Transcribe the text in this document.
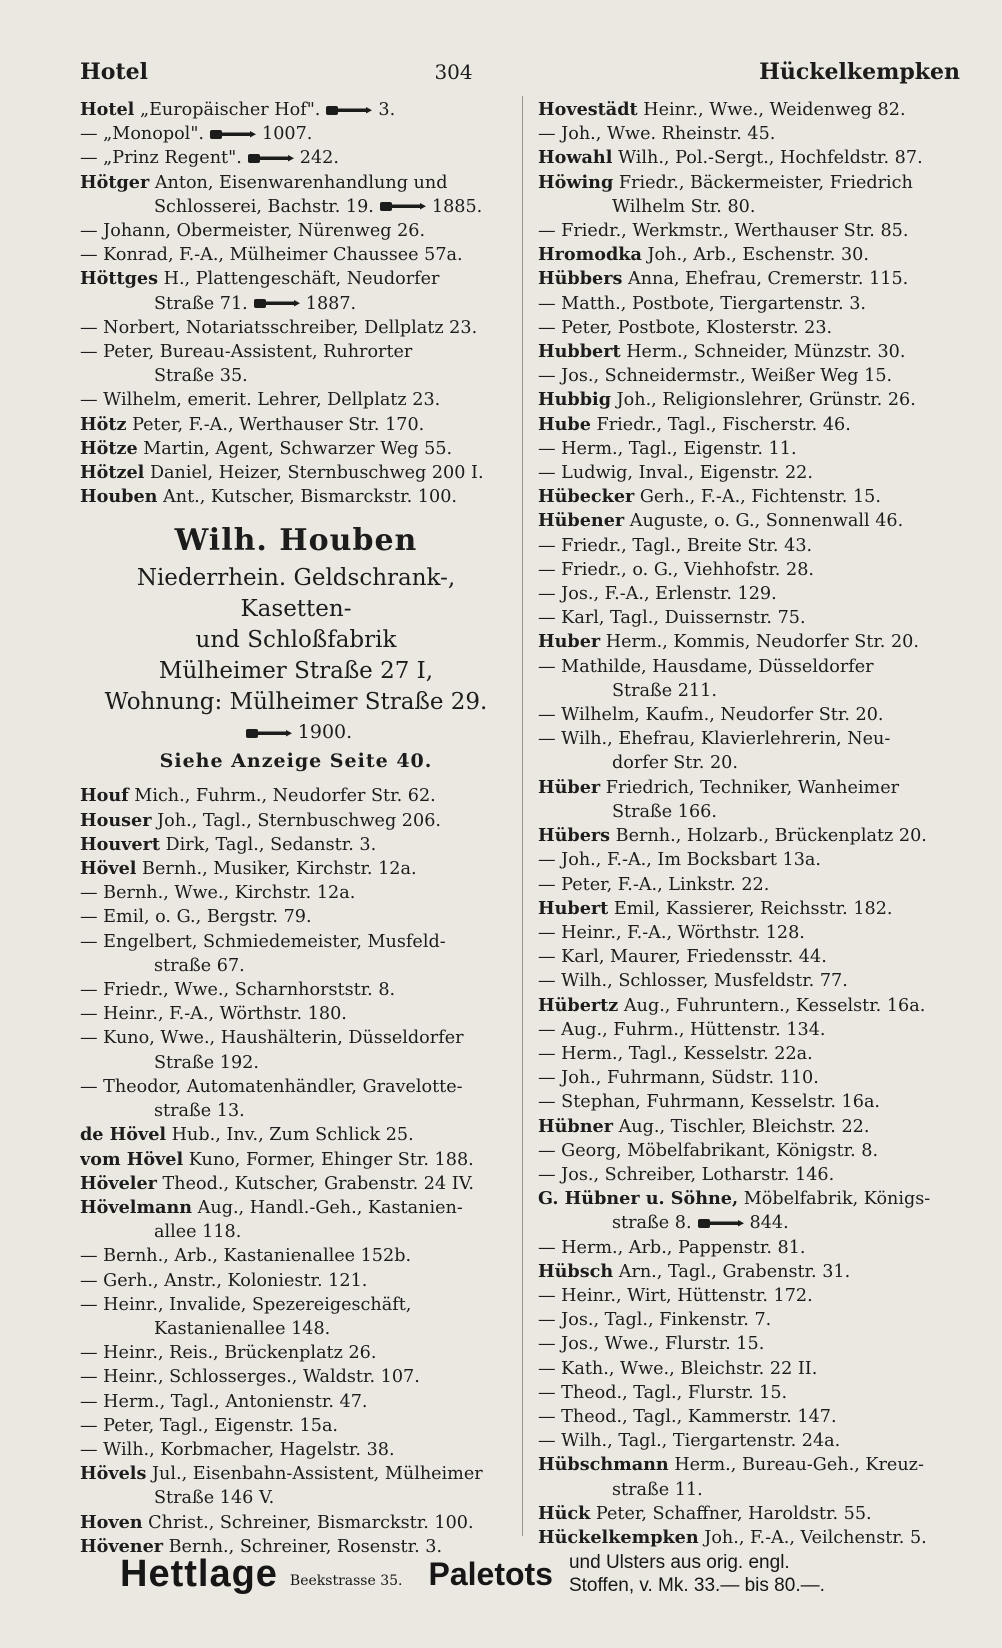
Hotel	304	Hückelkempken
Hotel „Europäischer Hof".	3.
— „Monopol".	1007.
— „Prinz Regent".	242.
Hötger Anton, Eisenwarenhandlung und
Schlosserei, Bachstr. 19.	1885.
— Johann, Obermeister, Nürenweg 26.
— Konrad, F.-A., Mülheimer Chaussee 57a.
Höttges H., Plattengeschäft, Neudorfer
Straße 71.	1887.
— Norbert, Notariatsschreiber, Dellplatz 23.
— Peter, Bureau-Assistent, Ruhrorter
Straße 35.
— Wilhelm, emerit. Lehrer, Dellplatz 23.
Hötz Peter, F.-A., Werthauser Str. 170.
Hötze Martin, Agent, Schwarzer Weg 55.
Hötzel Daniel, Heizer, Sternbuschweg 200 I.
Houben Ant., Kutscher, Bismarckstr. 100.
Wilh. Houben
Niederrhein. Geldschrank-, Kasetten-
und Schloßfabrik
Mülheimer Straße 27 I,
Wohnung: Mülheimer Straße 29.
1900.
Siehe Anzeige Seite 40.
Houf Mich., Fuhrm., Neudorfer Str. 62.
Houser Joh., Tagl., Sternbuschweg 206.
Houvert Dirk, Tagl., Sedanstr. 3.
Hövel Bernh., Musiker, Kirchstr. 12a.
— Bernh., Wwe., Kirchstr. 12a.
— Emil, o. G., Bergstr. 79.
— Engelbert, Schmiedemeister, Musfeld-
straße 67.
— Friedr., Wwe., Scharnhorststr. 8.
— Heinr., F.-A., Wörthstr. 180.
— Kuno, Wwe., Haushälterin, Düsseldorfer
Straße 192.
— Theodor, Automatenhändler, Gravelotte-
straße 13.
de Hövel Hub., Inv., Zum Schlick 25.
vom Hövel Kuno, Former, Ehinger Str. 188.
Höveler Theod., Kutscher, Grabenstr. 24 IV.
Hövelmann Aug., Handl.-Geh., Kastanien-
allee 118.
— Bernh., Arb., Kastanienallee 152b.
— Gerh., Anstr., Koloniestr. 121.
— Heinr., Invalide, Spezereigeschäft,
Kastanienallee 148.
— Heinr., Reis., Brückenplatz 26.
— Heinr., Schlosserges., Waldstr. 107.
— Herm., Tagl., Antonienstr. 47.
— Peter, Tagl., Eigenstr. 15a.
— Wilh., Korbmacher, Hagelstr. 38.
Hövels Jul., Eisenbahn-Assistent, Mülheimer
Straße 146 V.
Hoven Christ., Schreiner, Bismarckstr. 100.
Hövener Bernh., Schreiner, Rosenstr. 3.
Hovestädt Heinr., Wwe., Weidenweg 82.
— Joh., Wwe. Rheinstr. 45.
Howahl Wilh., Pol.-Sergt., Hochfeldstr. 87.
Höwing Friedr., Bäckermeister, Friedrich
Wilhelm Str. 80.
— Friedr., Werkmstr., Werthauser Str. 85.
Hromodka Joh., Arb., Eschenstr. 30.
Hübbers Anna, Ehefrau, Cremerstr. 115.
— Matth., Postbote, Tiergartenstr. 3.
— Peter, Postbote, Klosterstr. 23.
Hubbert Herm., Schneider, Münzstr. 30.
— Jos., Schneidermstr., Weißer Weg 15.
Hubbig Joh., Religionslehrer, Grünstr. 26.
Hube Friedr., Tagl., Fischerstr. 46.
— Herm., Tagl., Eigenstr. 11.
— Ludwig, Inval., Eigenstr. 22.
Hübecker Gerh., F.-A., Fichtenstr. 15.
Hübener Auguste, o. G., Sonnenwall 46.
— Friedr., Tagl., Breite Str. 43.
— Friedr., o. G., Viehhofstr. 28.
— Jos., F.-A., Erlenstr. 129.
— Karl, Tagl., Duissernstr. 75.
Huber Herm., Kommis, Neudorfer Str. 20.
— Mathilde, Hausdame, Düsseldorfer
Straße 211.
— Wilhelm, Kaufm., Neudorfer Str. 20.
— Wilh., Ehefrau, Klavierlehrerin, Neu-
dorfer Str. 20.
Hüber Friedrich, Techniker, Wanheimer
Straße 166.
Hübers Bernh., Holzarb., Brückenplatz 20.
— Joh., F.-A., Im Bocksbart 13a.
— Peter, F.-A., Linkstr. 22.
Hubert Emil, Kassierer, Reichsstr. 182.
— Heinr., F.-A., Wörthstr. 128.
— Karl, Maurer, Friedensstr. 44.
— Wilh., Schlosser, Musfeldstr. 77.
Hübertz Aug., Fuhruntern., Kesselstr. 16a.
— Aug., Fuhrm., Hüttenstr. 134.
— Herm., Tagl., Kesselstr. 22a.
— Joh., Fuhrmann, Südstr. 110.
— Stephan, Fuhrmann, Kesselstr. 16a.
Hübner Aug., Tischler, Bleichstr. 22.
— Georg, Möbelfabrikant, Königstr. 8.
— Jos., Schreiber, Lotharstr. 146.
G. Hübner u. Söhne, Möbelfabrik, Königs-
straße 8.	844.
— Herm., Arb., Pappenstr. 81.
Hübsch Arn., Tagl., Grabenstr. 31.
— Heinr., Wirt, Hüttenstr. 172.
— Jos., Tagl., Finkenstr. 7.
— Jos., Wwe., Flurstr. 15.
— Kath., Wwe., Bleichstr. 22 II.
— Theod., Tagl., Flurstr. 15.
— Theod., Tagl., Kammerstr. 147.
— Wilh., Tagl., Tiergartenstr. 24a.
Hübschmann Herm., Bureau-Geh., Kreuz-
straße 11.
Hück Peter, Schaffner, Haroldstr. 55.
Hückelkempken Joh., F.-A., Veilchenstr. 5.
Hettlage Beekstrasse 35. Paletots und Ulsters aus orig. engl.
Stoffen, v. Mk. 33.— bis 80.—.
